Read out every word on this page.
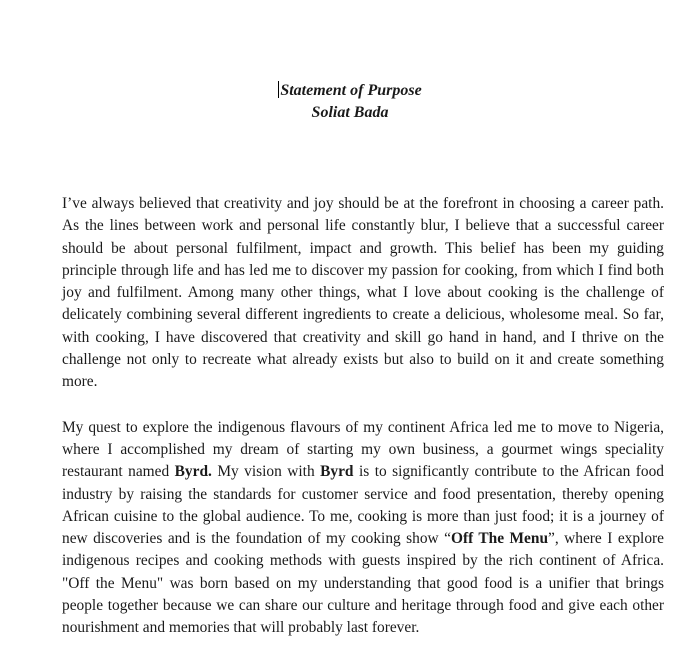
Statement of Purpose
Soliat Bada

I’ve always believed that creativity and joy should be at the forefront in choosing a career path. As the lines between work and personal life constantly blur, I believe that a successful career should be about personal fulfilment, impact and growth. This belief has been my guiding principle through life and has led me to discover my passion for cooking, from which I find both joy and fulfilment. Among many other things, what I love about cooking is the challenge of delicately combining several different ingredients to create a delicious, wholesome meal. So far, with cooking, I have discovered that creativity and skill go hand in hand, and I thrive on the challenge not only to recreate what already exists but also to build on it and create something more.

My quest to explore the indigenous flavours of my continent Africa led me to move to Nigeria, where I accomplished my dream of starting my own business, a gourmet wings speciality restaurant named Byrd. My vision with Byrd is to significantly contribute to the African food industry by raising the standards for customer service and food presentation, thereby opening African cuisine to the global audience. To me, cooking is more than just food; it is a journey of new discoveries and is the foundation of my cooking show “Off The Menu”, where I explore indigenous recipes and cooking methods with guests inspired by the rich continent of Africa. "Off the Menu" was born based on my understanding that good food is a unifier that brings people together because we can share our culture and heritage through food and give each other nourishment and memories that will probably last forever.
